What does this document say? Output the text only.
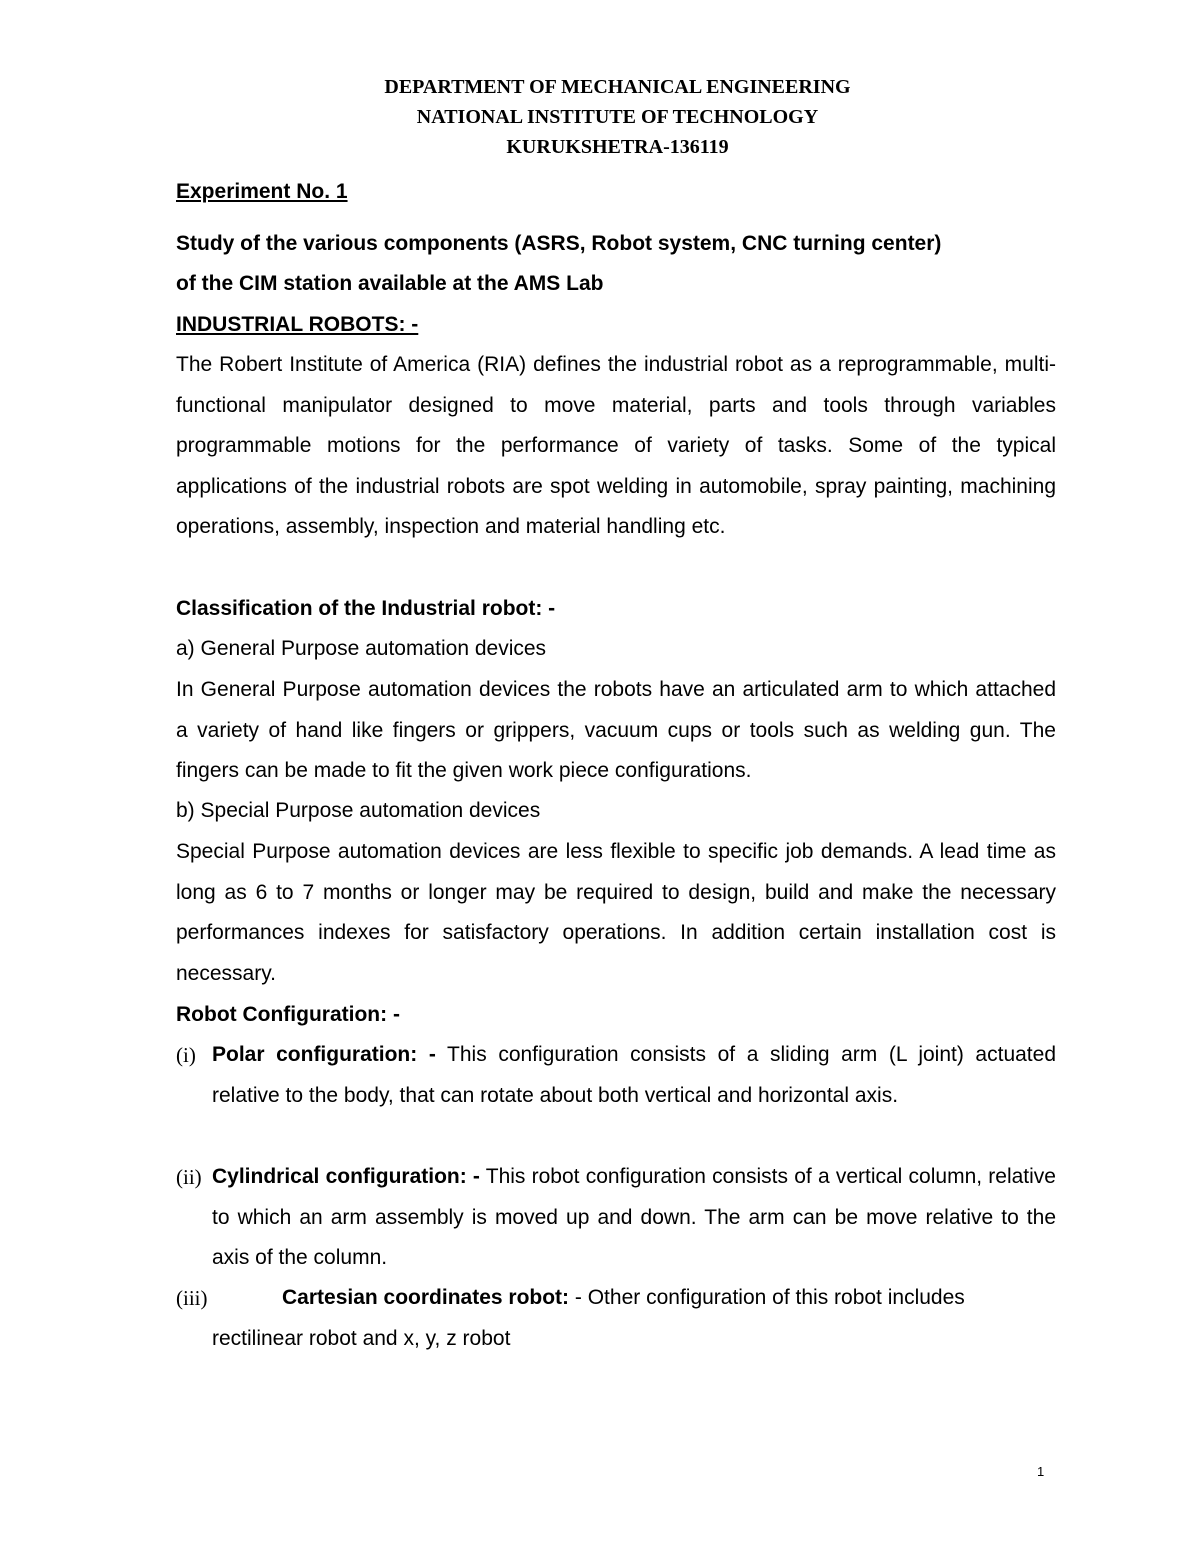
DEPARTMENT OF MECHANICAL ENGINEERING
NATIONAL INSTITUTE OF TECHNOLOGY
KURUKSHETRA-136119
Experiment No. 1
Study of the various components (ASRS, Robot system, CNC turning center)
of the CIM station available at the AMS Lab
INDUSTRIAL ROBOTS: -
The Robert Institute of America (RIA) defines the industrial robot as a reprogrammable, multi-functional manipulator designed to move material, parts and tools through variables programmable motions for the performance of variety of tasks. Some of the typical applications of the industrial robots are spot welding in automobile, spray painting, machining operations, assembly, inspection and material handling etc.
Classification of the Industrial robot: -
a) General Purpose automation devices
In General Purpose automation devices the robots have an articulated arm to which attached a variety of hand like fingers or grippers, vacuum cups or tools such as welding gun. The fingers can be made to fit the given work piece configurations.
b) Special Purpose automation devices
Special Purpose automation devices are less flexible to specific job demands. A lead time as long as 6 to 7 months or longer may be required to design, build and make the necessary performances indexes for satisfactory operations. In addition certain installation cost is necessary.
Robot Configuration: -
(i) Polar configuration: - This configuration consists of a sliding arm (L joint) actuated relative to the body, that can rotate about both vertical and horizontal axis.
(ii) Cylindrical configuration: - This robot configuration consists of a vertical column, relative to which an arm assembly is moved up and down. The arm can be move relative to the axis of the column.
(iii)	Cartesian coordinates robot: - Other configuration of this robot includes rectilinear robot and x, y, z robot
1
